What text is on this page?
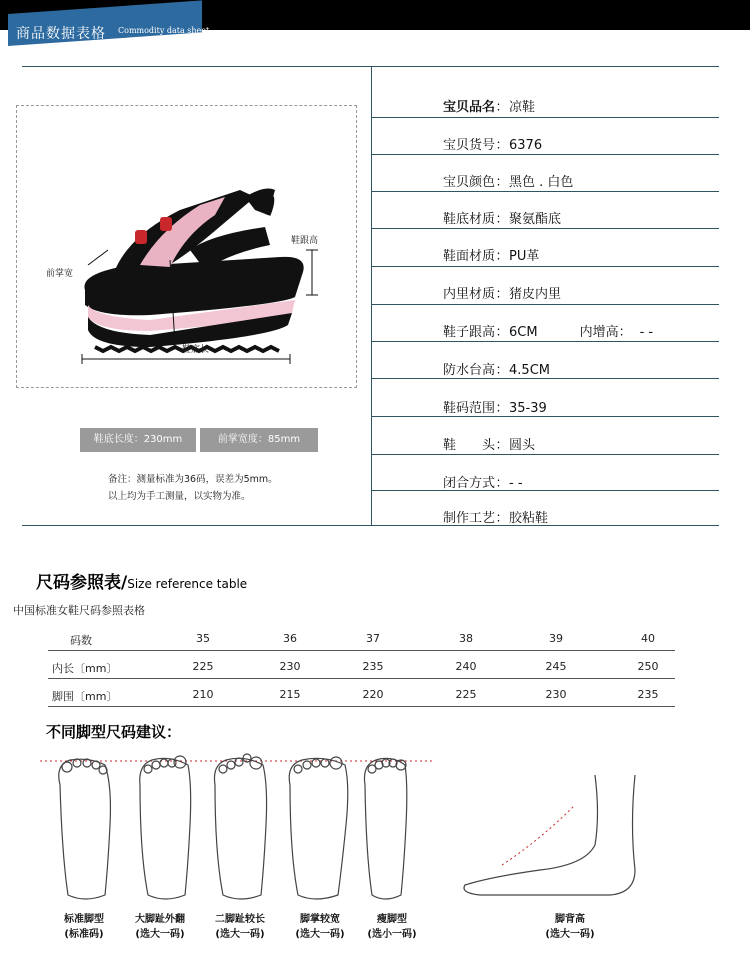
商品数据表格 Commodity data sheet
宝贝品名：凉鞋
宝贝货号：6376
宝贝颜色：黑色 . 白色
鞋底材质：聚氨酯底
鞋面材质：PU革
内里材质：猪皮内里
鞋子跟高：6CM	内增高： - -
防水台高：4.5CM
鞋码范围：35-39
鞋　　头：圆头
闭合方式：- -
制作工艺：胶粘鞋
鞋跟高
前掌宽
鞋底长
鞋底长度：230mm	前掌宽度：85mm
备注：测量标准为36码，误差为5mm。
以上均为手工测量，以实物为准。
尺码参照表/Size reference table
中国标准女鞋尺码参照表格
码数	35	36	37	38	39	40
内长〔mm〕	225	230	235	240	245	250
脚围〔mm〕	210	215	220	225	230	235
不同脚型尺码建议：
标准脚型
(标准码)
大脚趾外翻
(选大一码)
二脚趾较长
(选大一码)
脚掌较宽
(选大一码)
瘦脚型
(选小一码)
脚背高
(选大一码)
